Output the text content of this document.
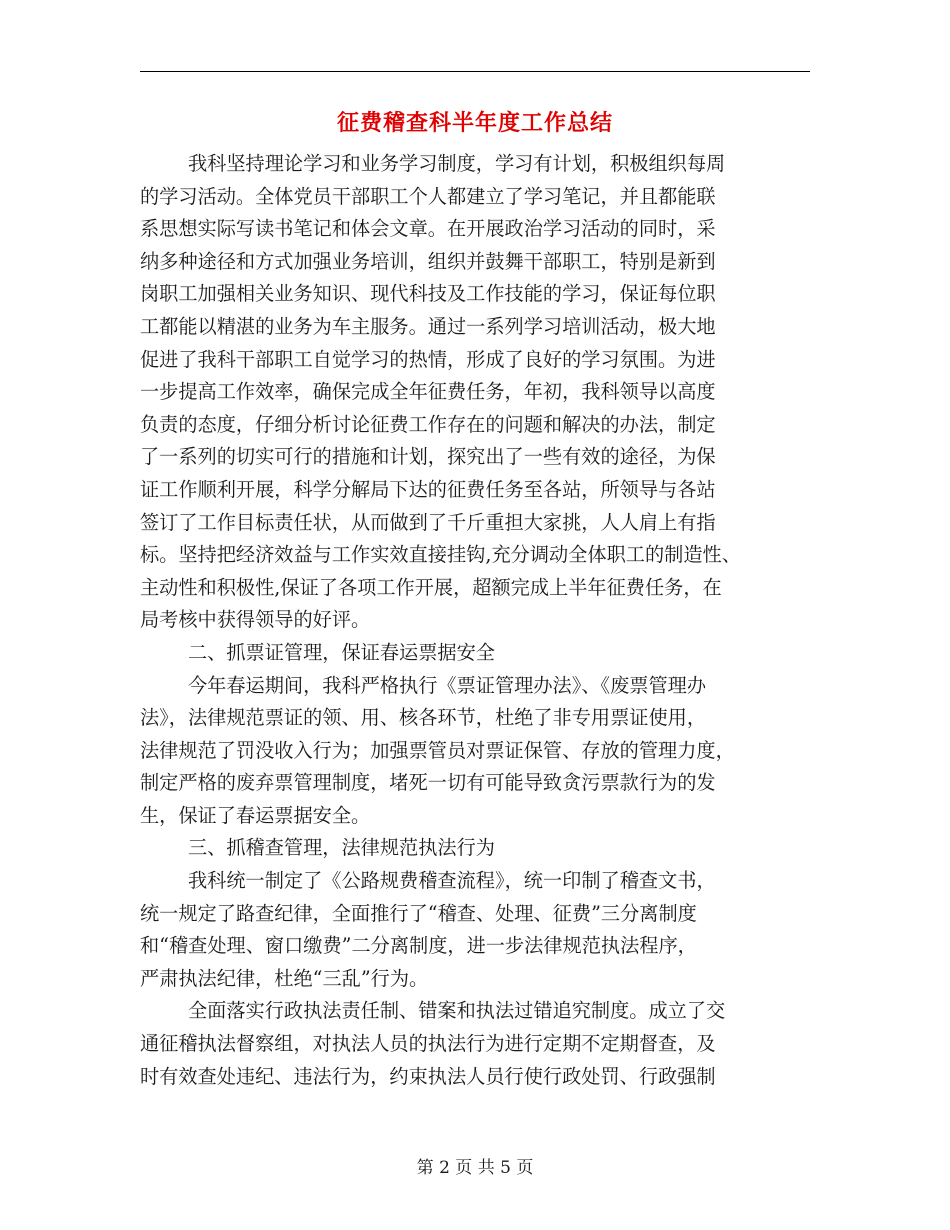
征费稽查科半年度工作总结
我科坚持理论学习和业务学习制度，学习有计划，积极组织每周
的学习活动。全体党员干部职工个人都建立了学习笔记，并且都能联
系思想实际写读书笔记和体会文章。在开展政治学习活动的同时，采
纳多种途径和方式加强业务培训，组织并鼓舞干部职工，特别是新到
岗职工加强相关业务知识、现代科技及工作技能的学习，保证每位职
工都能以精湛的业务为车主服务。通过一系列学习培训活动，极大地
促进了我科干部职工自觉学习的热情，形成了良好的学习氛围。为进
一步提高工作效率，确保完成全年征费任务，年初，我科领导以高度
负责的态度，仔细分析讨论征费工作存在的问题和解决的办法，制定
了一系列的切实可行的措施和计划，探究出了一些有效的途径，为保
证工作顺利开展，科学分解局下达的征费任务至各站，所领导与各站
签订了工作目标责任状，从而做到了千斤重担大家挑，人人肩上有指
标。坚持把经济效益与工作实效直接挂钩,充分调动全体职工的制造性、
主动性和积极性,保证了各项工作开展，超额完成上半年征费任务，在
局考核中获得领导的好评。
二、抓票证管理，保证春运票据安全
今年春运期间，我科严格执行《票证管理办法》、《废票管理办
法》，法律规范票证的领、用、核各环节，杜绝了非专用票证使用，
法律规范了罚没收入行为；加强票管员对票证保管、存放的管理力度，
制定严格的废弃票管理制度，堵死一切有可能导致贪污票款行为的发
生，保证了春运票据安全。
三、抓稽查管理，法律规范执法行为
我科统一制定了《公路规费稽查流程》，统一印制了稽查文书，
统一规定了路查纪律，全面推行了“稽查、处理、征费”三分离制度
和“稽查处理、窗口缴费”二分离制度，进一步法律规范执法程序，
严肃执法纪律，杜绝“三乱”行为。
全面落实行政执法责任制、错案和执法过错追究制度。成立了交
通征稽执法督察组，对执法人员的执法行为进行定期不定期督查，及
时有效查处违纪、违法行为，约束执法人员行使行政处罚、行政强制
第 2 页 共 5 页
